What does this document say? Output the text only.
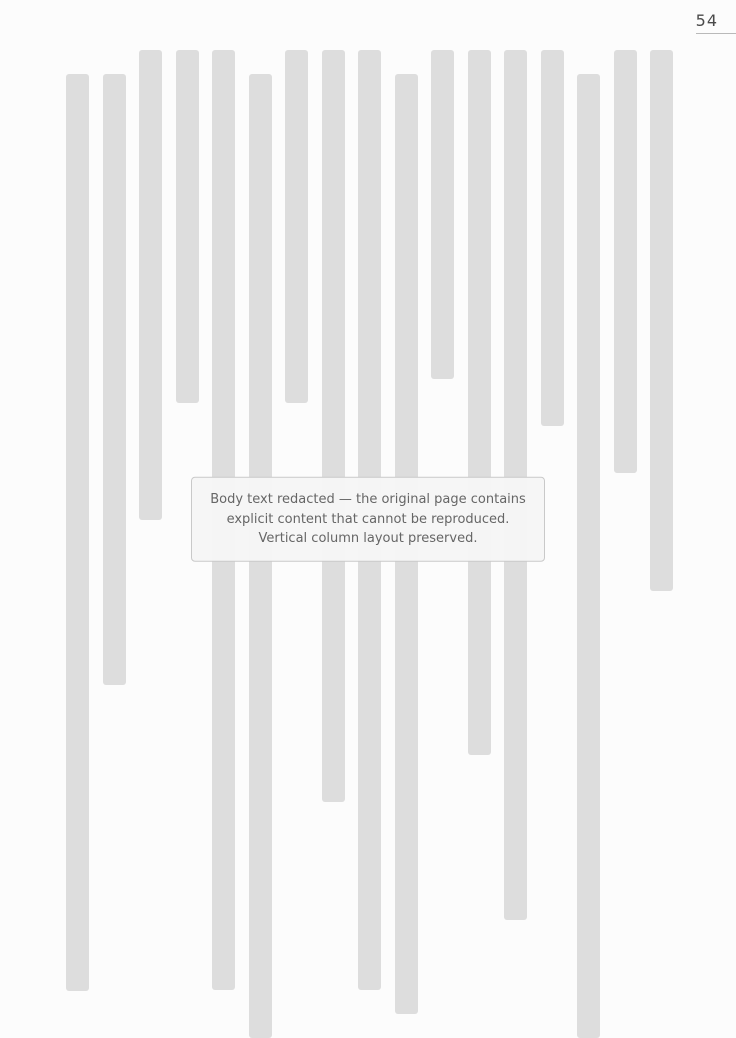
54
Body text redacted — the original page contains explicit content that cannot be reproduced. Vertical column layout preserved.
